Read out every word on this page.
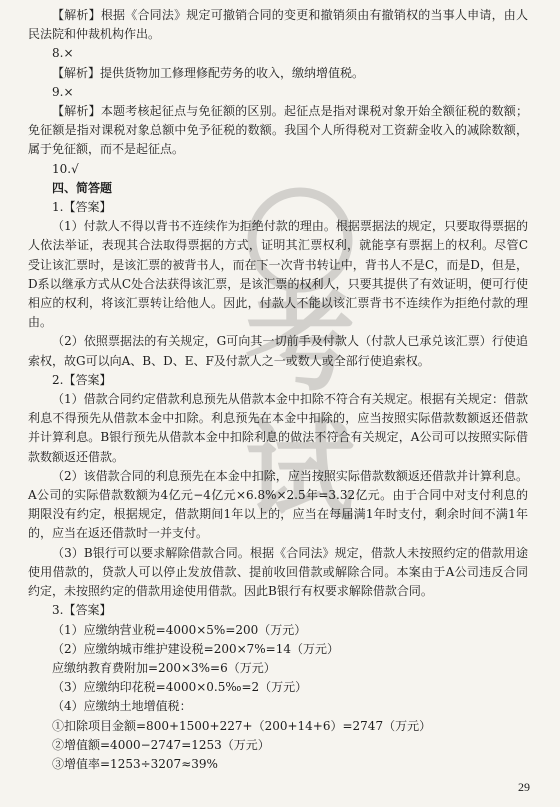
考
试

【解析】根据《合同法》规定可撤销合同的变更和撤销须由有撤销权的当事人申请，由人民法院和仲裁机构作出。

8.×

【解析】提供货物加工修理修配劳务的收入，缴纳增值税。

9.×

【解析】本题考核起征点与免征额的区别。起征点是指对课税对象开始全额征税的数额；免征额是指对课税对象总额中免予征税的数额。我国个人所得税对工资薪金收入的减除数额，属于免征额，而不是起征点。

10.√

四、简答题

1.【答案】

（1）付款人不得以背书不连续作为拒绝付款的理由。根据票据法的规定，只要取得票据的人依法举证，表现其合法取得票据的方式，证明其汇票权利，就能享有票据上的权利。尽管C受让该汇票时，是该汇票的被背书人，而在下一次背书转让中，背书人不是C，而是D，但是，D系以继承方式从C处合法获得该汇票，是该汇票的权利人，只要其提供了有效证明，便可行使相应的权利，将该汇票转让给他人。因此，付款人不能以该汇票背书不连续作为拒绝付款的理由。

（2）依照票据法的有关规定，G可向其一切前手及付款人（付款人已承兑该汇票）行使追索权，故G可以向A、B、D、E、F及付款人之一或数人或全部行使追索权。

2.【答案】

（1）借款合同约定借款利息预先从借款本金中扣除不符合有关规定。根据有关规定：借款利息不得预先从借款本金中扣除。利息预先在本金中扣除的，应当按照实际借款数额返还借款并计算利息。B银行预先从借款本金中扣除利息的做法不符合有关规定，A公司可以按照实际借款数额返还借款。

（2）该借款合同的利息预先在本金中扣除，应当按照实际借款数额返还借款并计算利息。A公司的实际借款数额为4亿元−4亿元×6.8%×2.5年=3.32亿元。由于合同中对支付利息的期限没有约定，根据规定，借款期间1年以上的，应当在每届满1年时支付，剩余时间不满1年的，应当在返还借款时一并支付。

（3）B银行可以要求解除借款合同。根据《合同法》规定，借款人未按照约定的借款用途使用借款的，贷款人可以停止发放借款、提前收回借款或解除合同。本案由于A公司违反合同约定，未按照约定的借款用途使用借款。因此B银行有权要求解除借款合同。

3.【答案】

（1）应缴纳营业税=4000×5%=200（万元）

（2）应缴纳城市维护建设税=200×7%=14（万元）

应缴纳教育费附加=200×3%=6（万元）

（3）应缴纳印花税=4000×0.5‰=2（万元）

（4）应缴纳土地增值税：

①扣除项目金额=800+1500+227+（200+14+6）=2747（万元）

②增值额=4000−2747=1253（万元）

③增值率=1253÷3207≈39%

29
